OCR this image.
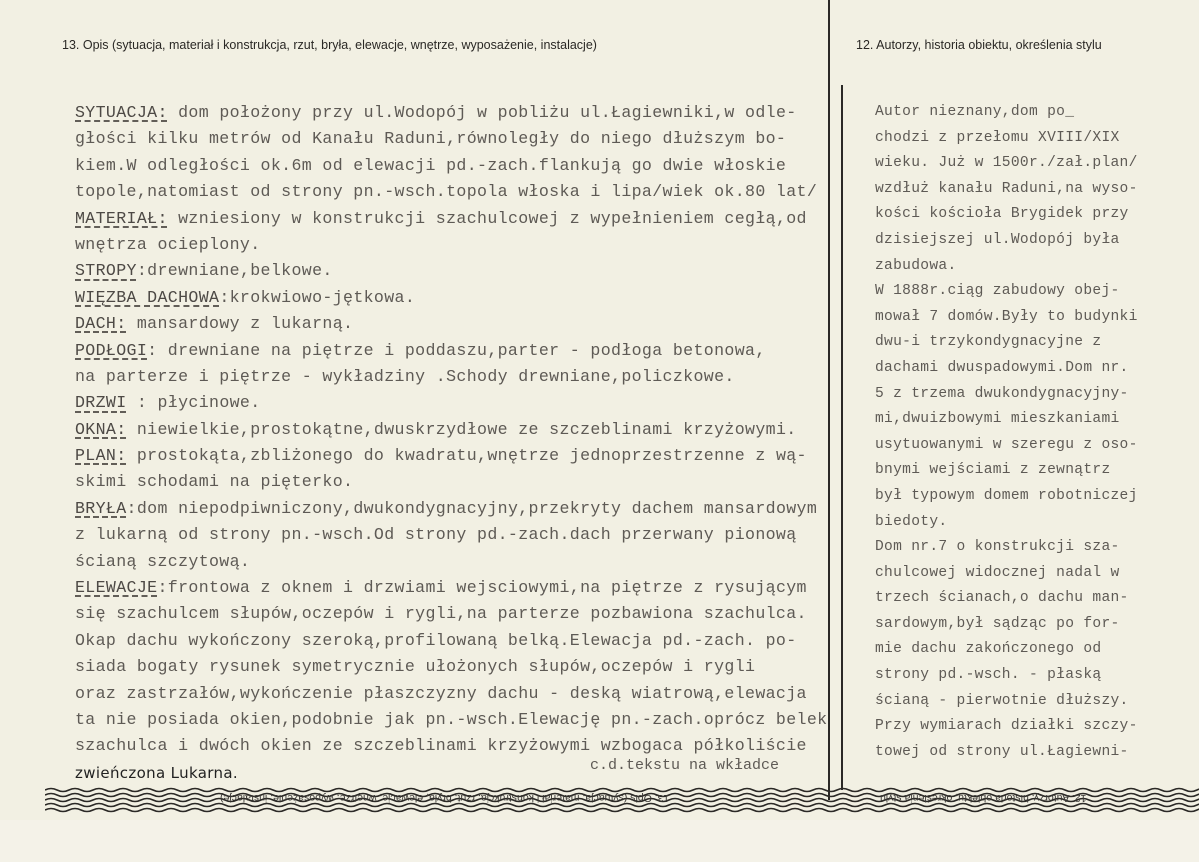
13. Opis (sytuacja, materiał i konstrukcja, rzut, bryła, elewacje, wnętrze, wyposażenie, instalacje)	12. Autorzy, historia obiektu, określenia stylu
SYTUACJA: dom położony przy ul.Wodopój w pobliżu ul.Łagiewniki,w odle-
głości kilku metrów od Kanału Raduni,równoległy do niego dłuższym bo-
kiem.W odległości ok.6m od elewacji pd.-zach.flankują go dwie włoskie
topole,natomiast od strony pn.-wsch.topola włoska i lipa/wiek ok.80 lat/
MATERIAŁ: wzniesiony w konstrukcji szachulcowej z wypełnieniem cegłą,od
wnętrza ocieplony.
STROPY:drewniane,belkowe.
WIĘZBA DACHOWA:krokwiowo-jętkowa.
DACH: mansardowy z lukarną.
PODŁOGI: drewniane na piętrze i poddaszu,parter - podłoga betonowa,
na parterze i piętrze - wykładziny .Schody drewniane,policzkowe.
DRZWI : płycinowe.
OKNA: niewielkie,prostokątne,dwuskrzydłowe ze szczeblinami krzyżowymi.
PLAN: prostokąta,zbliżonego do kwadratu,wnętrze jednoprzestrzenne z wą-
skimi schodami na pięterko.
BRYŁA:dom niepodpiwniczony,dwukondygnacyjny,przekryty dachem mansardowym
z lukarną od strony pn.-wsch.Od strony pd.-zach.dach przerwany pionową
ścianą szczytową.
ELEWACJE:frontowa z oknem i drzwiami wejsciowymi,na piętrze z rysującym
się szachulcem słupów,oczepów i rygli,na parterze pozbawiona szachulca.
Okap dachu wykończony szeroką,profilowaną belką.Elewacja pd.-zach. po-
siada bogaty rysunek symetrycznie ułożonych słupów,oczepów i rygli
oraz zastrzałów,wykończenie płaszczyzny dachu - deską wiatrową,elewacja
ta nie posiada okien,podobnie jak pn.-wsch.Elewację pn.-zach.oprócz belek
szachulca i dwóch okien ze szczeblinami krzyżowymi wzbogaca półkoliście
zwieńczona Lukarna.	c.d.tekstu na wkładce
Autor nieznany,dom po_
chodzi z przełomu XVIII/XIX
wieku. Już w 1500r./zał.plan/
wzdłuż kanału Raduni,na wyso-
kości kościoła Brygidek przy
dzisiejszej ul.Wodopój była
zabudowa.
W 1888r.ciąg zabudowy obej-
mował 7 domów.Były to budynki
dwu-i trzykondygnacyjne z
dachami dwuspadowymi.Dom nr.
5 z trzema dwukondygnacyjny-
mi,dwuizbowymi mieszkaniami
usytuowanymi w szeregu z oso-
bnymi wejściami z zewnątrz
był typowym domem robotniczej
biedoty.
Dom nr.7 o konstrukcji sza-
chulcowej widocznej nadal w
trzech ścianach,o dachu man-
sardowym,był sądząc po for-
mie dachu zakończonego od
strony pd.-wsch. - płaską
ścianą - pierwotnie dłuższy.
Przy wymiarach działki szczy-
towej od strony ul.Łagiewni-
13. Opis (sytuacja, materiał i konstrukcja, rzut, bryła, elewacje, wnętrze, wyposażenie, instalacje)	12. Autorzy, historia obiektu, określenia stylu
